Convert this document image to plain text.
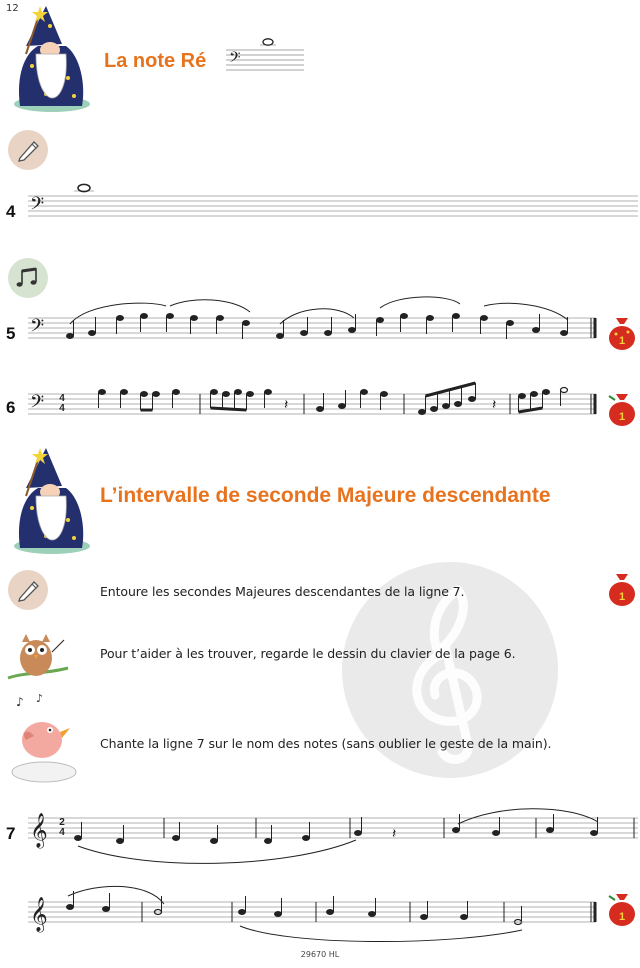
12
La note Ré 𝄢
4 𝄢
5 𝄢	1
6 𝄢	𝄽	𝄽
4
4
1
L’intervalle de seconde Majeure descendante
Entoure les secondes Majeures descendantes de la ligne 7.	1
Pour t’aider à les trouver, regarde le dessin du clavier de la page 6.
♪ ♪
Chante la ligne 7 sur le nom des notes (sans oublier le geste de la main).
7 𝄞	𝄽
2
4
𝄞	1
29670 HL
